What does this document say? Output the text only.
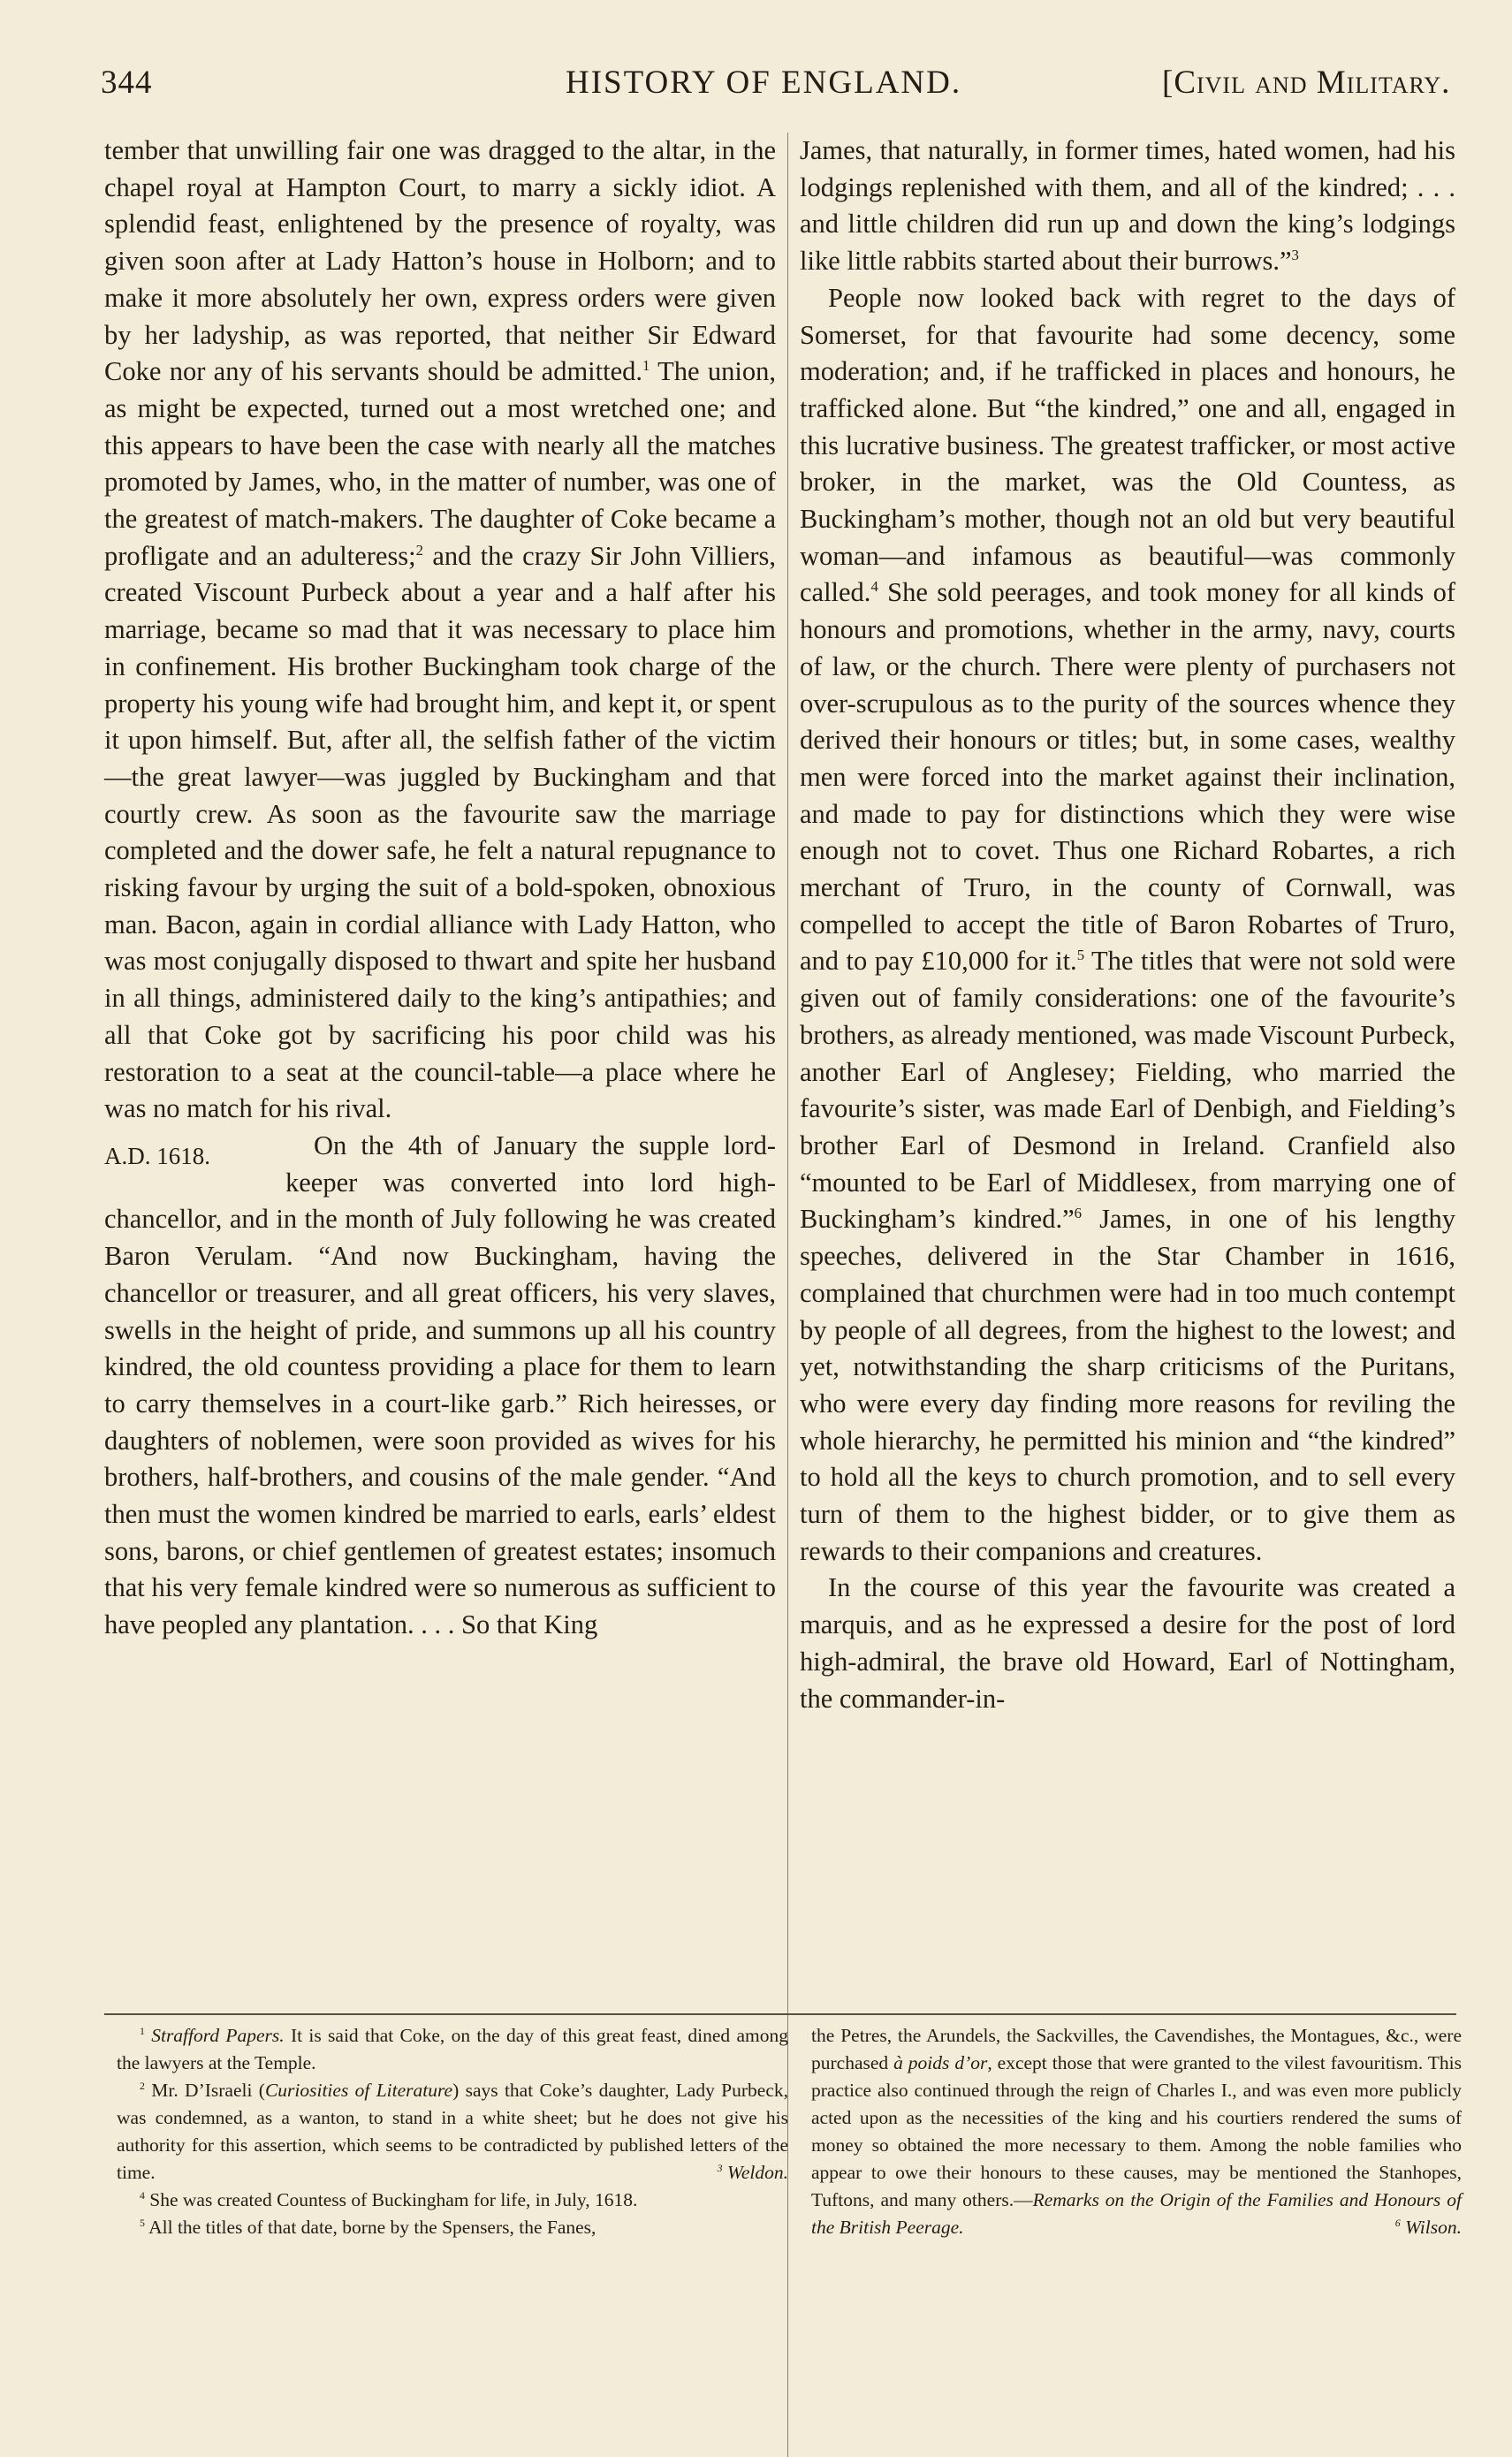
344	HISTORY OF ENGLAND.	[Civil and Military.

tember that unwilling fair one was dragged to the altar, in the chapel royal at Hampton Court, to marry a sickly idiot. A splendid feast, enlightened by the presence of royalty, was given soon after at Lady Hatton’s house in Holborn; and to make it more absolutely her own, express orders were given by her ladyship, as was reported, that neither Sir Edward Coke nor any of his servants should be admitted.$^1$ The union, as might be expected, turned out a most wretched one; and this appears to have been the case with nearly all the matches promoted by James, who, in the matter of number, was one of the greatest of match-makers. The daughter of Coke became a profligate and an adulteress;$^2$ and the crazy Sir John Villiers, created Viscount Purbeck about a year and a half after his marriage, became so mad that it was necessary to place him in confinement. His brother Buckingham took charge of the property his young wife had brought him, and kept it, or spent it upon himself. But, after all, the selfish father of the victim—the great lawyer—was juggled by Buckingham and that courtly crew. As soon as the favourite saw the marriage completed and the dower safe, he felt a natural repugnance to risking favour by urging the suit of a bold-spoken, obnoxious man. Bacon, again in cordial alliance with Lady Hatton, who was most conjugally disposed to thwart and spite her husband in all things, administered daily to the king’s antipathies; and all that Coke got by sacrificing his poor child was his restoration to a seat at the council-table—a place where he was no match for his rival.

A.D. 1618.	On the 4th of January the supple lord-keeper was converted into lord high-chancellor, and in the month of July following he was created Baron Verulam. “And now Buckingham, having the chancellor or treasurer, and all great officers, his very slaves, swells in the height of pride, and summons up all his country kindred, the old countess providing a place for them to learn to carry themselves in a court-like garb.” Rich heiresses, or daughters of noblemen, were soon provided as wives for his brothers, half-brothers, and cousins of the male gender. “And then must the women kindred be married to earls, earls’ eldest sons, barons, or chief gentlemen of greatest estates; insomuch that his very female kindred were so numerous as sufficient to have peopled any plantation. . . . So that King

James, that naturally, in former times, hated women, had his lodgings replenished with them, and all of the kindred; . . . and little children did run up and down the king’s lodgings like little rabbits started about their burrows.”$^3$

People now looked back with regret to the days of Somerset, for that favourite had some decency, some moderation; and, if he trafficked in places and honours, he trafficked alone. But “the kindred,” one and all, engaged in this lucrative business. The greatest trafficker, or most active broker, in the market, was the Old Countess, as Buckingham’s mother, though not an old but very beautiful woman—and infamous as beautiful—was commonly called.$^4$ She sold peerages, and took money for all kinds of honours and promotions, whether in the army, navy, courts of law, or the church. There were plenty of purchasers not over-scrupulous as to the purity of the sources whence they derived their honours or titles; but, in some cases, wealthy men were forced into the market against their inclination, and made to pay for distinctions which they were wise enough not to covet. Thus one Richard Robartes, a rich merchant of Truro, in the county of Cornwall, was compelled to accept the title of Baron Robartes of Truro, and to pay £10,000 for it.$^5$ The titles that were not sold were given out of family considerations: one of the favourite’s brothers, as already mentioned, was made Viscount Purbeck, another Earl of Anglesey; Fielding, who married the favourite’s sister, was made Earl of Denbigh, and Fielding’s brother Earl of Desmond in Ireland. Cranfield also “mounted to be Earl of Middlesex, from marrying one of Buckingham’s kindred.”$^6$ James, in one of his lengthy speeches, delivered in the Star Chamber in 1616, complained that churchmen were had in too much contempt by people of all degrees, from the highest to the lowest; and yet, notwithstanding the sharp criticisms of the Puritans, who were every day finding more reasons for reviling the whole hierarchy, he permitted his minion and “the kindred” to hold all the keys to church promotion, and to sell every turn of them to the highest bidder, or to give them as rewards to their companions and creatures.

In the course of this year the favourite was created a marquis, and as he expressed a desire for the post of lord high-admiral, the brave old Howard, Earl of Nottingham, the commander-in-

$^1$ Strafford Papers. It is said that Coke, on the day of this great feast, dined among the lawyers at the Temple.

$^2$ Mr. D’Israeli (Curiosities of Literature) says that Coke’s daughter, Lady Purbeck, was condemned, as a wanton, to stand in a white sheet; but he does not give his authority for this assertion, which seems to be contradicted by published letters of the time.	$^3$ Weldon.

$^4$ She was created Countess of Buckingham for life, in July, 1618.

$^5$ All the titles of that date, borne by the Spensers, the Fanes,

the Petres, the Arundels, the Sackvilles, the Cavendishes, the Montagues, &c., were purchased à poids d’or, except those that were granted to the vilest favouritism. This practice also continued through the reign of Charles I., and was even more publicly acted upon as the necessities of the king and his courtiers rendered the sums of money so obtained the more necessary to them. Among the noble families who appear to owe their honours to these causes, may be mentioned the Stanhopes, Tuftons, and many others.—Remarks on the Origin of the Families and Honours of the British Peerage.	$^6$ Wilson.
